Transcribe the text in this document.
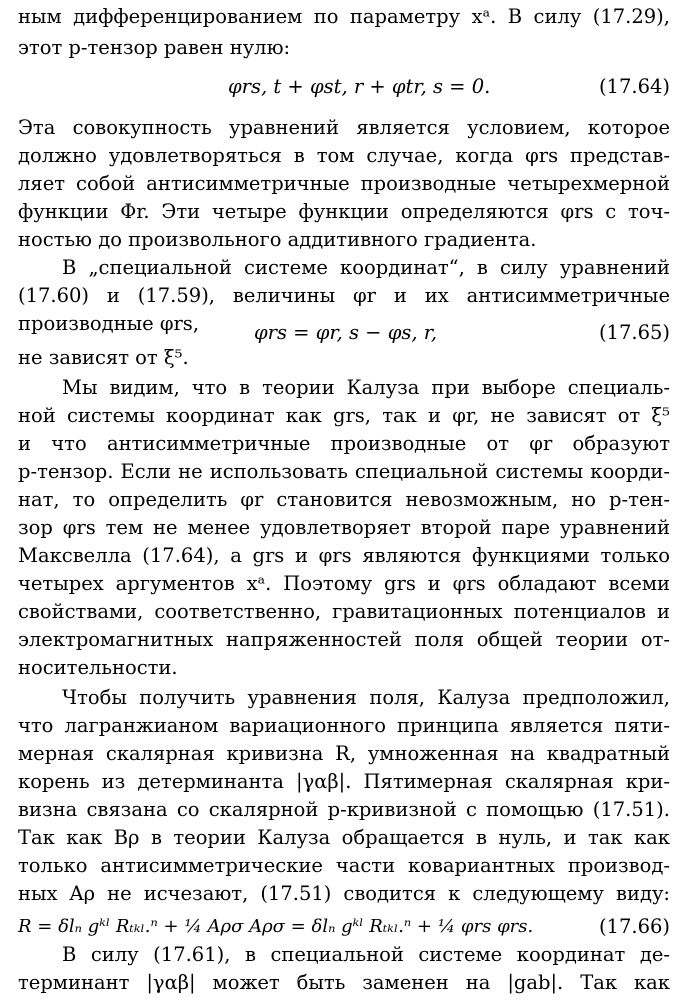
ным дифференцированием по параметру xᵃ. В силу (17.29),
этот p-тензор равен нулю:
φrs, t + φst, r + φtr, s = 0.	(17.64)
Эта совокупность уравнений является условием, которое
должно удовлетворяться в том случае, когда φrs представ-
ляет собой антисимметричные производные четырехмерной
функции Φr. Эти четыре функции определяются φrs с точ-
ностью до произвольного аддитивного градиента.
В „специальной системе координат“, в силу уравнений
(17.60) и (17.59), величины φr и их антисимметричные
производные φrs,	φrs = φr, s − φs, r,	(17.65)
не зависят от ξ⁵.
Мы видим, что в теории Калуза при выборе специаль-
ной системы координат как grs, так и φr, не зависят от ξ⁵
и что антисимметричные производные от φr образуют
p-тензор. Если не использовать специальной системы коорди-
нат, то определить φr становится невозможным, но p-тен-
зор φrs тем не менее удовлетворяет второй паре уравнений
Максвелла (17.64), а grs и φrs являются функциями только
четырех аргументов xᵃ. Поэтому grs и φrs обладают всеми
свойствами, соответственно, гравитационных потенциалов и
электромагнитных напряженностей поля общей теории от-
носительности.
Чтобы получить уравнения поля, Калуза предположил,
что лагранжианом вариационного принципа является пяти-
мерная скалярная кривизна R, умноженная на квадратный
корень из детерминанта |γαβ|. Пятимерная скалярная кри-
визна связана со скалярной p-кривизной с помощью (17.51).
Так как Bρ в теории Калуза обращается в нуль, и так как
только антисимметрические части ковариантных производ-
ных Aρ не исчезают, (17.51) сводится к следующему виду:
R = δlₙ gᵏˡ Rₜₖₗ.ⁿ + ¼ Aρσ Aρσ = δlₙ gᵏˡ Rₜₖₗ.ⁿ + ¼ φrs φrs.	(17.66)
В силу (17.61), в специальной системе координат де-
терминант |γαβ| может быть заменен на |gab|. Так как
